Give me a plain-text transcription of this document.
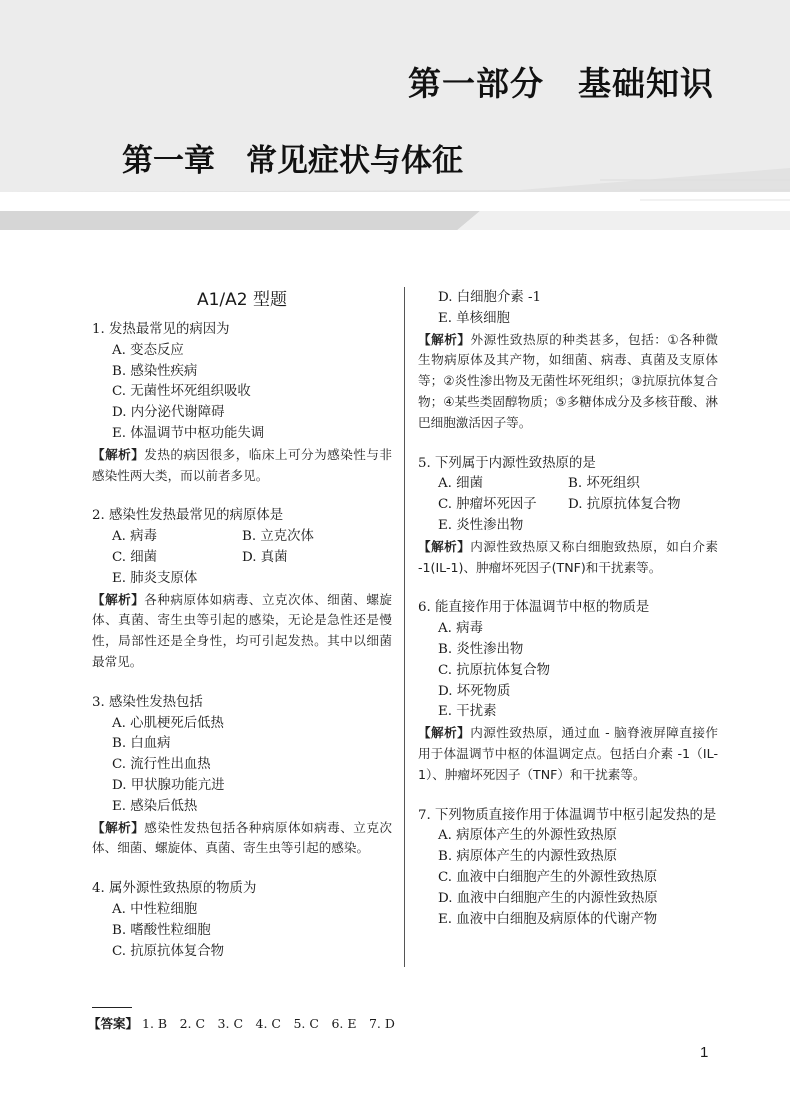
第一部分　基础知识
第一章　常见症状与体征
A1/A2 型题
1. 发热最常见的病因为
A. 变态反应
B. 感染性疾病
C. 无菌性坏死组织吸收
D. 内分泌代谢障碍
E. 体温调节中枢功能失调
【解析】发热的病因很多，临床上可分为感染性与非感染性两大类，而以前者多见。
2. 感染性发热最常见的病原体是
A. 病毒	B. 立克次体
C. 细菌	D. 真菌
E. 肺炎支原体
【解析】各种病原体如病毒、立克次体、细菌、螺旋体、真菌、寄生虫等引起的感染，无论是急性还是慢性，局部性还是全身性，均可引起发热。其中以细菌最常见。
3. 感染性发热包括
A. 心肌梗死后低热
B. 白血病
C. 流行性出血热
D. 甲状腺功能亢进
E. 感染后低热
【解析】感染性发热包括各种病原体如病毒、立克次体、细菌、螺旋体、真菌、寄生虫等引起的感染。
4. 属外源性致热原的物质为
A. 中性粒细胞
B. 嗜酸性粒细胞
C. 抗原抗体复合物
D. 白细胞介素 -1
E. 单核细胞
【解析】外源性致热原的种类甚多，包括：①各种微生物病原体及其产物，如细菌、病毒、真菌及支原体等；②炎性渗出物及无菌性坏死组织；③抗原抗体复合物；④某些类固醇物质；⑤多糖体成分及多核苷酸、淋巴细胞激活因子等。
5. 下列属于内源性致热原的是
A. 细菌	B. 坏死组织
C. 肿瘤坏死因子	D. 抗原抗体复合物
E. 炎性渗出物
【解析】内源性致热原又称白细胞致热原，如白介素 -1(IL-1)、肿瘤坏死因子(TNF)和干扰素等。
6. 能直接作用于体温调节中枢的物质是
A. 病毒
B. 炎性渗出物
C. 抗原抗体复合物
D. 坏死物质
E. 干扰素
【解析】内源性致热原，通过血 - 脑脊液屏障直接作用于体温调节中枢的体温调定点。包括白介素 -1（IL-1）、肿瘤坏死因子（TNF）和干扰素等。
7. 下列物质直接作用于体温调节中枢引起发热的是
A. 病原体产生的外源性致热原
B. 病原体产生的内源性致热原
C. 血液中白细胞产生的外源性致热原
D. 血液中白细胞产生的内源性致热原
E. 血液中白细胞及病原体的代谢产物
【答案】 1. B　2. C　3. C　4. C　5. C　6. E　7. D
1
